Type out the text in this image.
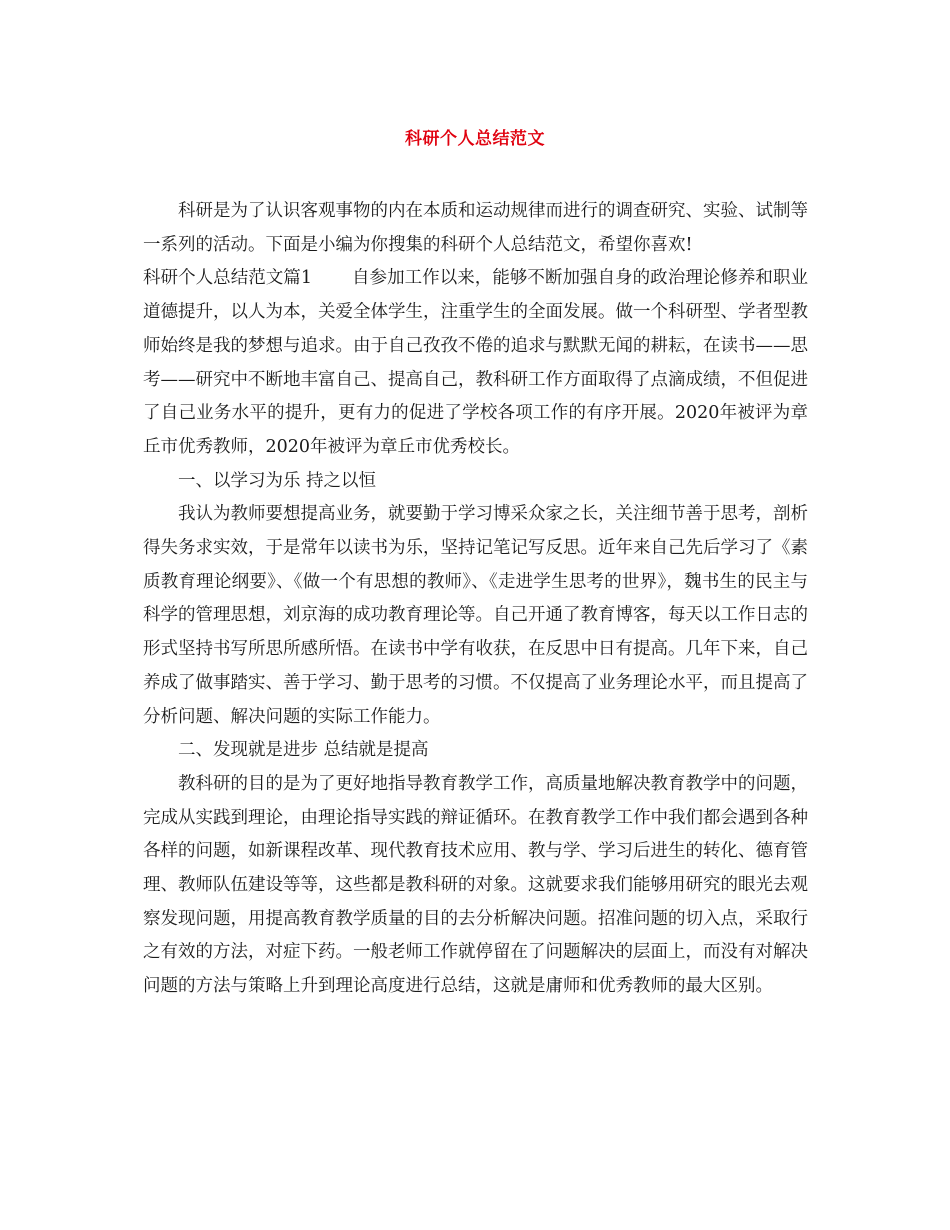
科研个人总结范文

科研是为了认识客观事物的内在本质和运动规律而进行的调查研究、实验、试制等一系列的活动。下面是小编为你搜集的科研个人总结范文，希望你喜欢!

科研个人总结范文篇1 自参加工作以来，能够不断加强自身的政治理论修养和职业道德提升，以人为本，关爱全体学生，注重学生的全面发展。做一个科研型、学者型教师始终是我的梦想与追求。由于自己孜孜不倦的追求与默默无闻的耕耘，在读书——思考——研究中不断地丰富自己、提高自己，教科研工作方面取得了点滴成绩，不但促进了自己业务水平的提升，更有力的促进了学校各项工作的有序开展。2020年被评为章丘市优秀教师，2020年被评为章丘市优秀校长。

一、以学习为乐 持之以恒

我认为教师要想提高业务，就要勤于学习博采众家之长，关注细节善于思考，剖析得失务求实效，于是常年以读书为乐，坚持记笔记写反思。近年来自己先后学习了《素质教育理论纲要》、《做一个有思想的教师》、《走进学生思考的世界》，魏书生的民主与科学的管理思想，刘京海的成功教育理论等。自己开通了教育博客，每天以工作日志的形式坚持书写所思所感所悟。在读书中学有收获，在反思中日有提高。几年下来，自己养成了做事踏实、善于学习、勤于思考的习惯。不仅提高了业务理论水平，而且提高了分析问题、解决问题的实际工作能力。

二、发现就是进步 总结就是提高

教科研的目的是为了更好地指导教育教学工作，高质量地解决教育教学中的问题，完成从实践到理论，由理论指导实践的辩证循环。在教育教学工作中我们都会遇到各种各样的问题，如新课程改革、现代教育技术应用、教与学、学习后进生的转化、德育管理、教师队伍建设等等，这些都是教科研的对象。这就要求我们能够用研究的眼光去观察发现问题，用提高教育教学质量的目的去分析解决问题。招准问题的切入点，采取行之有效的方法，对症下药。一般老师工作就停留在了问题解决的层面上，而没有对解决问题的方法与策略上升到理论高度进行总结，这就是庸师和优秀教师的最大区别。
